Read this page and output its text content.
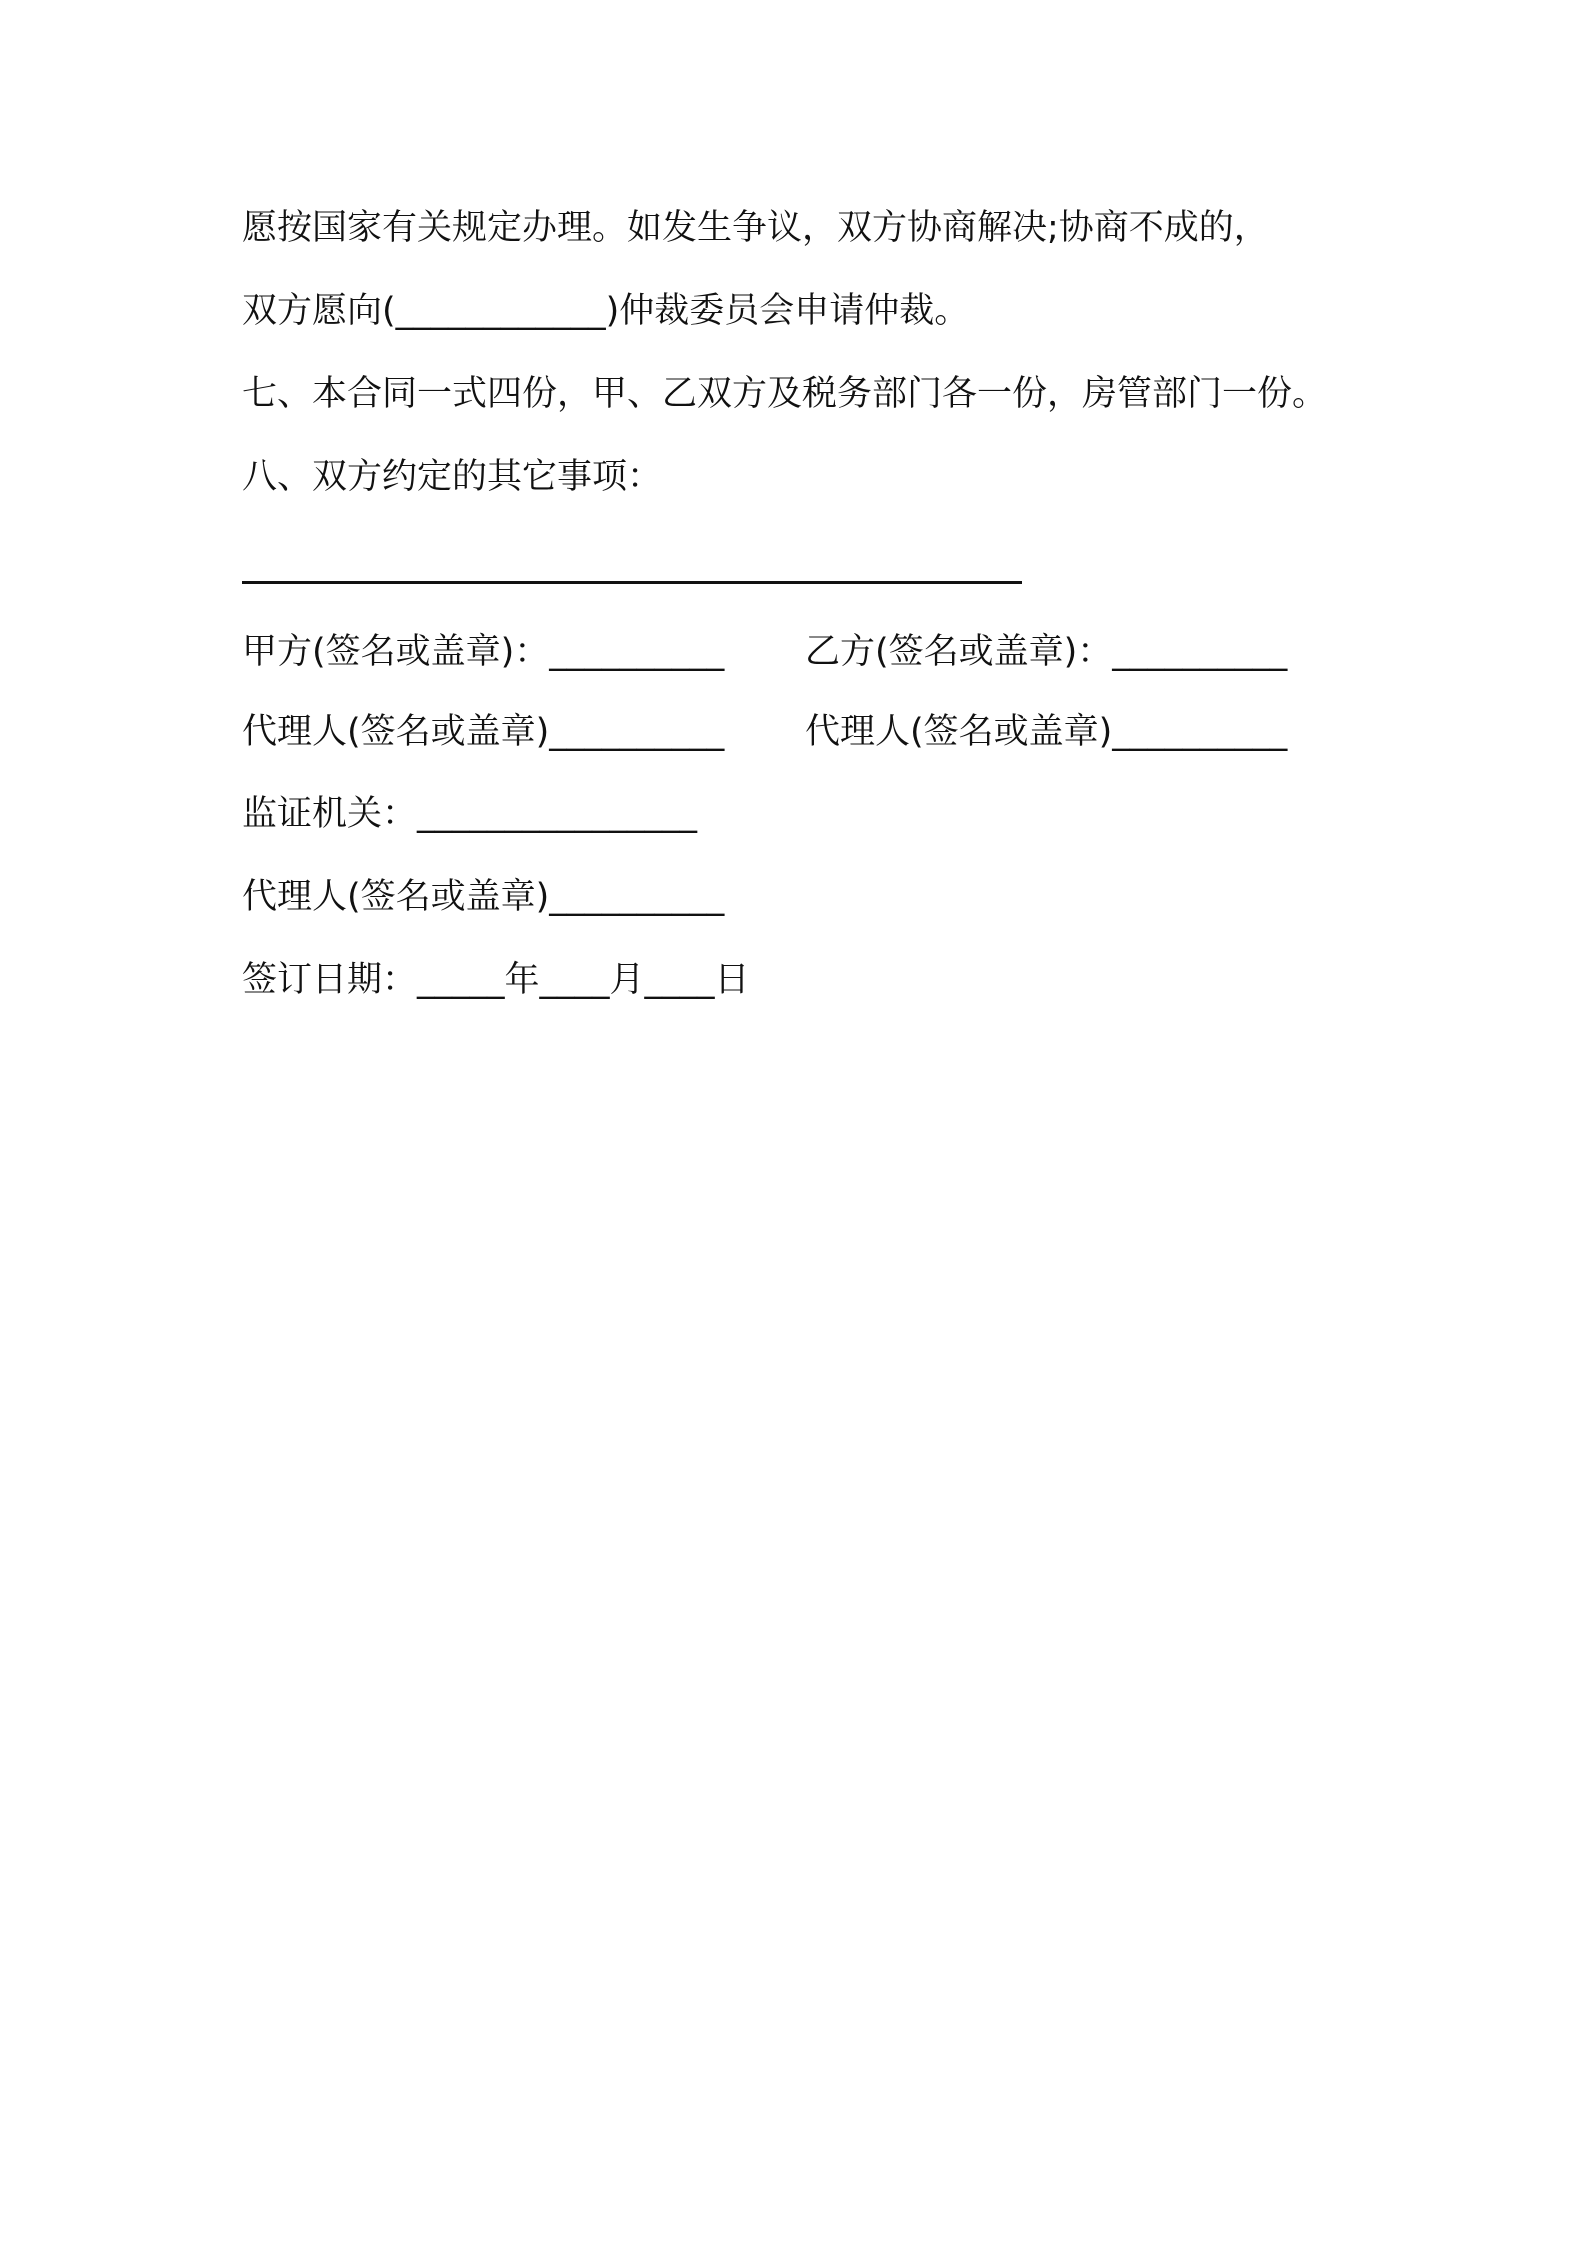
愿按国家有关规定办理。如发生争议，双方协商解决;协商不成的，
双方愿向(____________)仲裁委员会申请仲裁。
七、本合同一式四份，甲、乙双方及税务部门各一份，房管部门一份。
八、双方约定的其它事项：
甲方(签名或盖章)：__________ 乙方(签名或盖章)：__________
代理人(签名或盖章)__________ 代理人(签名或盖章)__________
监证机关：________________
代理人(签名或盖章)__________
签订日期：_____年____月____日
